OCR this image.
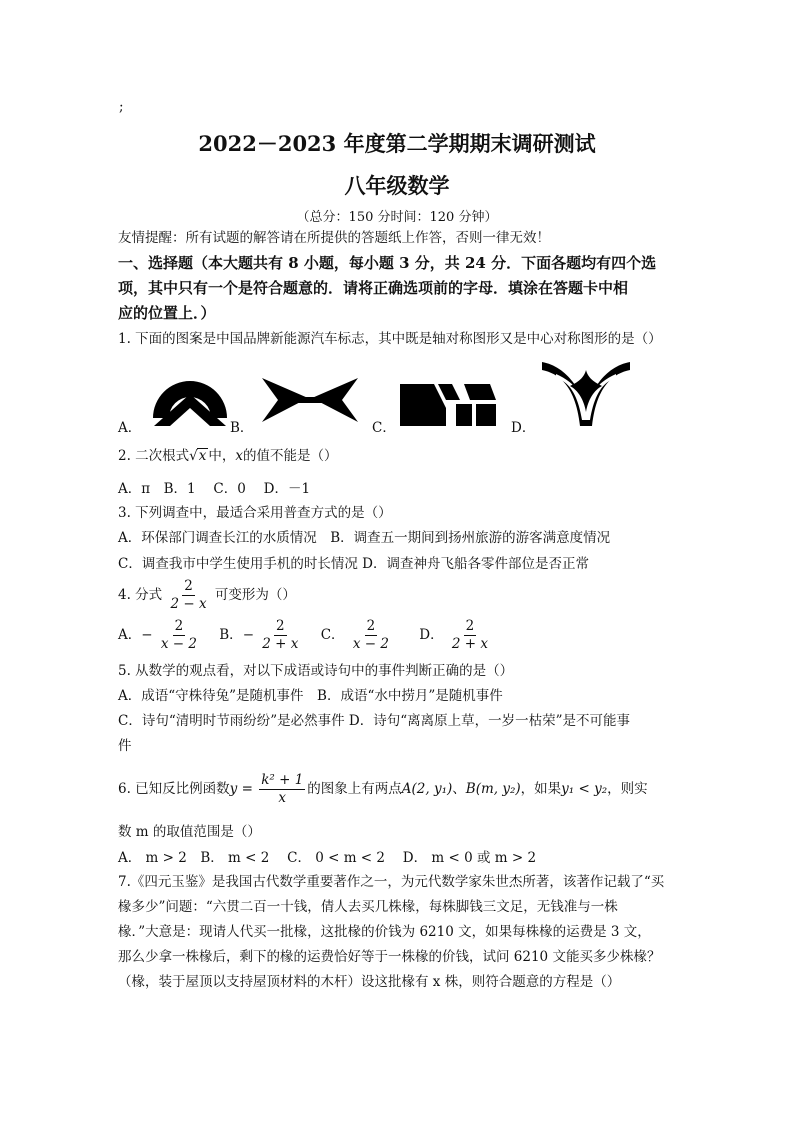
;
2022－2023 年度第二学期期末调研测试
八年级数学
（总分：150 分时间：120 分钟）
友情提醒：所有试题的解答请在所提供的答题纸上作答，否则一律无效！
一、选择题（本大题共有 8 小题，每小题 3 分，共 24 分．下面各题均有四个选
项，其中只有一个是符合题意的．请将正确选项前的字母．填涂在答题卡中相
应的位置上．）
1. 下面的图案是中国品牌新能源汽车标志，其中既是轴对称图形又是中心对称图形的是（）
A．	B．	C．	D．
2. 二次根式√x 中，x的值不能是（）
A．π　B．1　 C．0　 D．－1
3. 下列调查中，最适合采用普查方式的是（）
A．环保部门调查长江的水质情况　B．调查五一期间到扬州旅游的游客满意度情况
C．调查我市中学生使用手机的时长情况 D．调查神舟飞船各零件部位是否正常
4. 分式 $\frac{2}{2 - x}$ 可变形为（）
A．− $\frac{2}{x - 2}$ B．− $\frac{2}{2 + x}$ C． $\frac{2}{x - 2}$ D． $\frac{2}{2 + x}$
5. 从数学的观点看，对以下成语或诗句中的事件判断正确的是（）
A．成语“守株待兔”是随机事件　B．成语“水中捞月”是随机事件
C．诗句“清明时节雨纷纷”是必然事件 D．诗句“离离原上草，一岁一枯荣”是不可能事
件
6. 已知反比例函数$y = \frac{\text{k² + 1}}{x}$ 的图象上有两点A(2, y₁)、B(m, y₂)，如果y₁ < y₂，则实
数 m 的取值范围是（）
A． m > 2　B． m < 2　 C． 0 < m < 2　 D． m < 0 或 m > 2
7.《四元玉鉴》是我国古代数学重要著作之一，为元代数学家朱世杰所著，该著作记载了“买
椽多少”问题：“六贯二百一十钱，倩人去买几株椽，每株脚钱三文足，无钱准与一株
椽．”大意是：现请人代买一批椽，这批椽的价钱为 6210 文，如果每株椽的运费是 3 文，
那么少拿一株椽后，剩下的椽的运费恰好等于一株椽的价钱，试问 6210 文能买多少株椽？
（椽，装于屋顶以支持屋顶材料的木杆）设这批椽有 x 株，则符合题意的方程是（）
